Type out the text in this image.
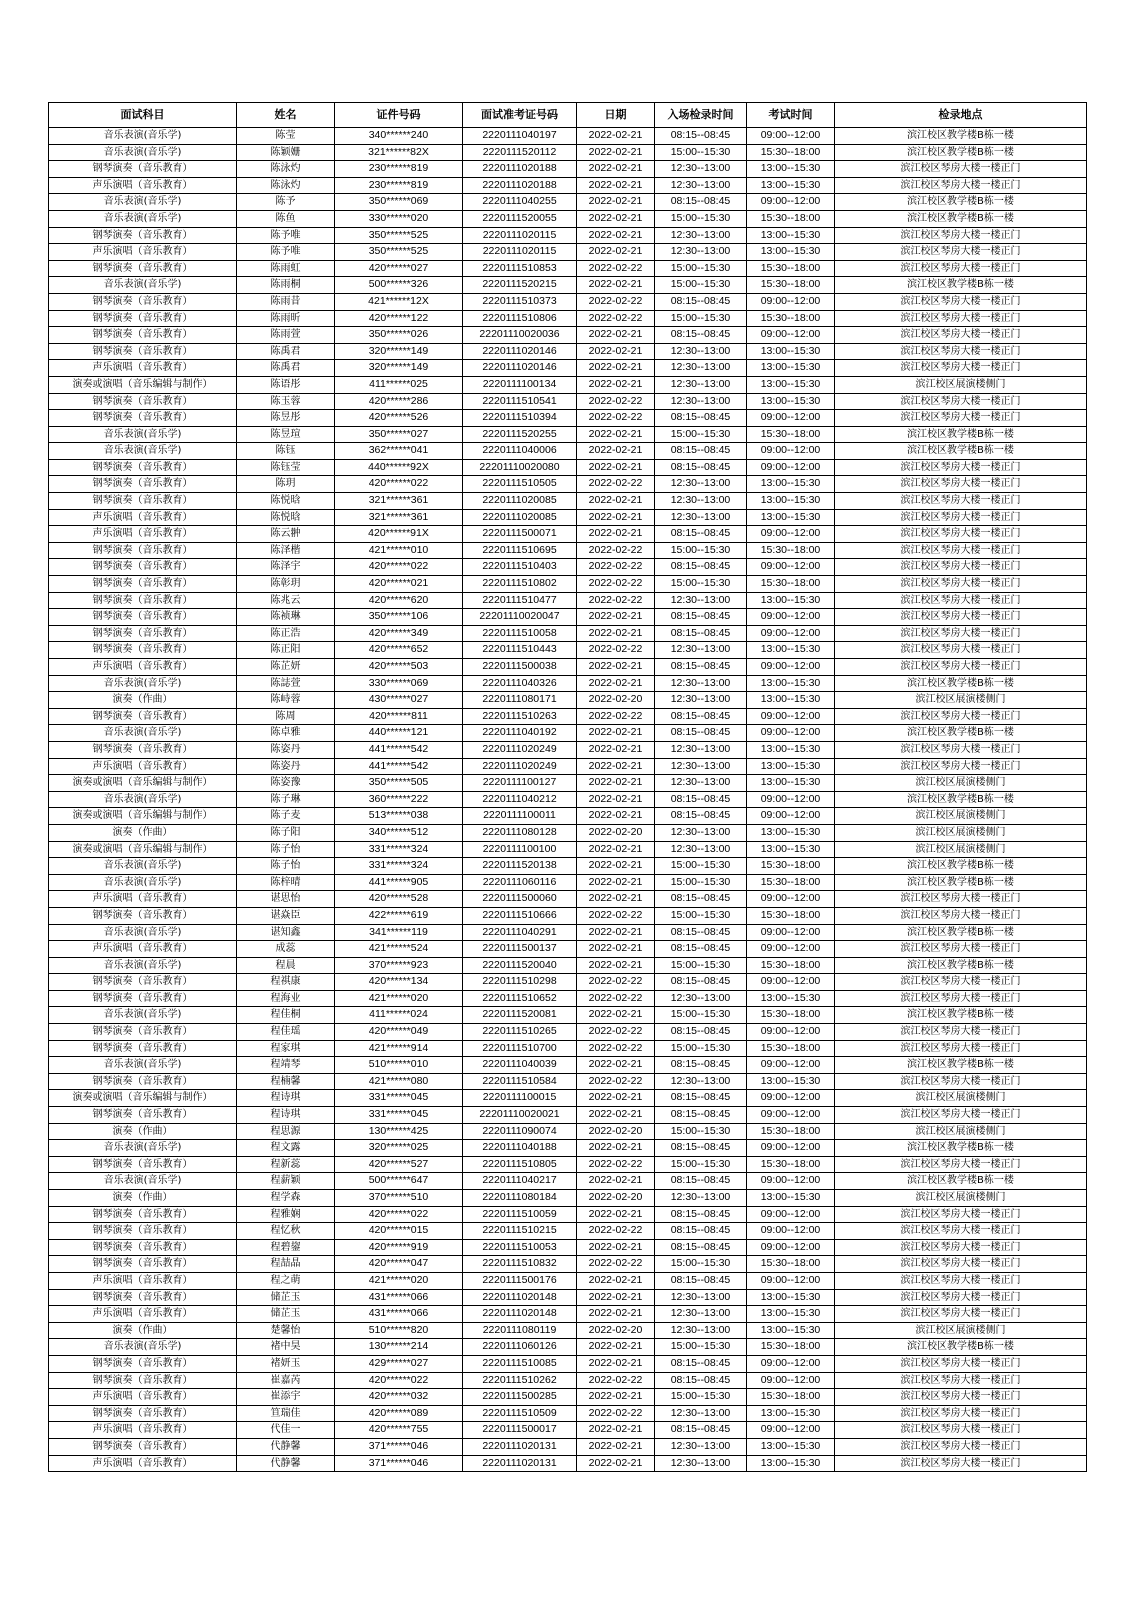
面试科目	姓名	证件号码	面试准考证号码	日期	入场检录时间	考试时间	检录地点
音乐表演(音乐学)	陈莹	340******240	2220111040197	2022-02-21	08:15--08:45	09:00--12:00	滨江校区教学楼B栋一楼
音乐表演(音乐学)	陈颖姗	321******82X	2220111520112	2022-02-21	15:00--15:30	15:30--18:00	滨江校区教学楼B栋一楼
钢琴演奏（音乐教育）	陈泳灼	230******819	2220111020188	2022-02-21	12:30--13:00	13:00--15:30	滨江校区琴房大楼一楼正门
声乐演唱（音乐教育）	陈泳灼	230******819	2220111020188	2022-02-21	12:30--13:00	13:00--15:30	滨江校区琴房大楼一楼正门
音乐表演(音乐学)	陈予	350******069	2220111040255	2022-02-21	08:15--08:45	09:00--12:00	滨江校区教学楼B栋一楼
音乐表演(音乐学)	陈鱼	330******020	2220111520055	2022-02-21	15:00--15:30	15:30--18:00	滨江校区教学楼B栋一楼
钢琴演奏（音乐教育）	陈予唯	350******525	2220111020115	2022-02-21	12:30--13:00	13:00--15:30	滨江校区琴房大楼一楼正门
声乐演唱（音乐教育）	陈予唯	350******525	2220111020115	2022-02-21	12:30--13:00	13:00--15:30	滨江校区琴房大楼一楼正门
钢琴演奏（音乐教育）	陈雨虹	420******027	2220111510853	2022-02-22	15:00--15:30	15:30--18:00	滨江校区琴房大楼一楼正门
音乐表演(音乐学)	陈雨桐	500******326	2220111520215	2022-02-21	15:00--15:30	15:30--18:00	滨江校区教学楼B栋一楼
钢琴演奏（音乐教育）	陈雨昔	421******12X	2220111510373	2022-02-22	08:15--08:45	09:00--12:00	滨江校区琴房大楼一楼正门
钢琴演奏（音乐教育）	陈雨昕	420******122	2220111510806	2022-02-22	15:00--15:30	15:30--18:00	滨江校区琴房大楼一楼正门
钢琴演奏（音乐教育）	陈雨萱	350******026	22201110020036	2022-02-21	08:15--08:45	09:00--12:00	滨江校区琴房大楼一楼正门
钢琴演奏（音乐教育）	陈禹君	320******149	2220111020146	2022-02-21	12:30--13:00	13:00--15:30	滨江校区琴房大楼一楼正门
声乐演唱（音乐教育）	陈禹君	320******149	2220111020146	2022-02-21	12:30--13:00	13:00--15:30	滨江校区琴房大楼一楼正门
演奏或演唱（音乐编辑与制作）	陈语彤	411******025	2220111100134	2022-02-21	12:30--13:00	13:00--15:30	滨江校区展演楼侧门
钢琴演奏（音乐教育）	陈玉蓉	420******286	2220111510541	2022-02-22	12:30--13:00	13:00--15:30	滨江校区琴房大楼一楼正门
钢琴演奏（音乐教育）	陈昱彤	420******526	2220111510394	2022-02-22	08:15--08:45	09:00--12:00	滨江校区琴房大楼一楼正门
音乐表演(音乐学)	陈昱瑄	350******027	2220111520255	2022-02-21	15:00--15:30	15:30--18:00	滨江校区教学楼B栋一楼
音乐表演(音乐学)	陈钰	362******041	2220111040006	2022-02-21	08:15--08:45	09:00--12:00	滨江校区教学楼B栋一楼
钢琴演奏（音乐教育）	陈钰莹	440******92X	22201110020080	2022-02-21	08:15--08:45	09:00--12:00	滨江校区琴房大楼一楼正门
钢琴演奏（音乐教育）	陈玥	420******022	2220111510505	2022-02-22	12:30--13:00	13:00--15:30	滨江校区琴房大楼一楼正门
钢琴演奏（音乐教育）	陈悦晗	321******361	2220111020085	2022-02-21	12:30--13:00	13:00--15:30	滨江校区琴房大楼一楼正门
声乐演唱（音乐教育）	陈悦晗	321******361	2220111020085	2022-02-21	12:30--13:00	13:00--15:30	滨江校区琴房大楼一楼正门
声乐演唱（音乐教育）	陈云翀	420******91X	2220111500071	2022-02-21	08:15--08:45	09:00--12:00	滨江校区琴房大楼一楼正门
钢琴演奏（音乐教育）	陈泽楷	421******010	2220111510695	2022-02-22	15:00--15:30	15:30--18:00	滨江校区琴房大楼一楼正门
钢琴演奏（音乐教育）	陈泽宇	420******022	2220111510403	2022-02-22	08:15--08:45	09:00--12:00	滨江校区琴房大楼一楼正门
钢琴演奏（音乐教育）	陈彰玥	420******021	2220111510802	2022-02-22	15:00--15:30	15:30--18:00	滨江校区琴房大楼一楼正门
钢琴演奏（音乐教育）	陈兆云	420******620	2220111510477	2022-02-22	12:30--13:00	13:00--15:30	滨江校区琴房大楼一楼正门
钢琴演奏（音乐教育）	陈祯琳	350******106	22201110020047	2022-02-21	08:15--08:45	09:00--12:00	滨江校区琴房大楼一楼正门
钢琴演奏（音乐教育）	陈正浩	420******349	2220111510058	2022-02-21	08:15--08:45	09:00--12:00	滨江校区琴房大楼一楼正门
钢琴演奏（音乐教育）	陈正阳	420******652	2220111510443	2022-02-22	12:30--13:00	13:00--15:30	滨江校区琴房大楼一楼正门
声乐演唱（音乐教育）	陈芷妍	420******503	2220111500038	2022-02-21	08:15--08:45	09:00--12:00	滨江校区琴房大楼一楼正门
音乐表演(音乐学)	陈誌萱	330******069	2220111040326	2022-02-21	12:30--13:00	13:00--15:30	滨江校区教学楼B栋一楼
演奏（作曲）	陈峙蓉	430******027	2220111080171	2022-02-20	12:30--13:00	13:00--15:30	滨江校区展演楼侧门
钢琴演奏（音乐教育）	陈周	420******811	2220111510263	2022-02-22	08:15--08:45	09:00--12:00	滨江校区琴房大楼一楼正门
音乐表演(音乐学)	陈卓雅	440******121	2220111040192	2022-02-21	08:15--08:45	09:00--12:00	滨江校区教学楼B栋一楼
钢琴演奏（音乐教育）	陈姿丹	441******542	2220111020249	2022-02-21	12:30--13:00	13:00--15:30	滨江校区琴房大楼一楼正门
声乐演唱（音乐教育）	陈姿丹	441******542	2220111020249	2022-02-21	12:30--13:00	13:00--15:30	滨江校区琴房大楼一楼正门
演奏或演唱（音乐编辑与制作）	陈姿豫	350******505	2220111100127	2022-02-21	12:30--13:00	13:00--15:30	滨江校区展演楼侧门
音乐表演(音乐学)	陈子琳	360******222	2220111040212	2022-02-21	08:15--08:45	09:00--12:00	滨江校区教学楼B栋一楼
演奏或演唱（音乐编辑与制作）	陈子麦	513******038	2220111100011	2022-02-21	08:15--08:45	09:00--12:00	滨江校区展演楼侧门
演奏（作曲）	陈子阳	340******512	2220111080128	2022-02-20	12:30--13:00	13:00--15:30	滨江校区展演楼侧门
演奏或演唱（音乐编辑与制作）	陈子怡	331******324	2220111100100	2022-02-21	12:30--13:00	13:00--15:30	滨江校区展演楼侧门
音乐表演(音乐学)	陈子怡	331******324	2220111520138	2022-02-21	15:00--15:30	15:30--18:00	滨江校区教学楼B栋一楼
音乐表演(音乐学)	陈梓晴	441******905	2220111060116	2022-02-21	15:00--15:30	15:30--18:00	滨江校区教学楼B栋一楼
声乐演唱（音乐教育）	谌思怡	420******528	2220111500060	2022-02-21	08:15--08:45	09:00--12:00	滨江校区琴房大楼一楼正门
钢琴演奏（音乐教育）	谌焱臣	422******619	2220111510666	2022-02-22	15:00--15:30	15:30--18:00	滨江校区琴房大楼一楼正门
音乐表演(音乐学)	谌知鑫	341******119	2220111040291	2022-02-21	08:15--08:45	09:00--12:00	滨江校区教学楼B栋一楼
声乐演唱（音乐教育）	成蕊	421******524	2220111500137	2022-02-21	08:15--08:45	09:00--12:00	滨江校区琴房大楼一楼正门
音乐表演(音乐学)	程晨	370******923	2220111520040	2022-02-21	15:00--15:30	15:30--18:00	滨江校区教学楼B栋一楼
钢琴演奏（音乐教育）	程祺康	420******134	2220111510298	2022-02-22	08:15--08:45	09:00--12:00	滨江校区琴房大楼一楼正门
钢琴演奏（音乐教育）	程海业	421******020	2220111510652	2022-02-22	12:30--13:00	13:00--15:30	滨江校区琴房大楼一楼正门
音乐表演(音乐学)	程佳桐	411******024	2220111520081	2022-02-21	15:00--15:30	15:30--18:00	滨江校区教学楼B栋一楼
钢琴演奏（音乐教育）	程佳瑶	420******049	2220111510265	2022-02-22	08:15--08:45	09:00--12:00	滨江校区琴房大楼一楼正门
钢琴演奏（音乐教育）	程家琪	421******914	2220111510700	2022-02-22	15:00--15:30	15:30--18:00	滨江校区琴房大楼一楼正门
音乐表演(音乐学)	程靖琴	510******010	2220111040039	2022-02-21	08:15--08:45	09:00--12:00	滨江校区教学楼B栋一楼
钢琴演奏（音乐教育）	程楠馨	421******080	2220111510584	2022-02-22	12:30--13:00	13:00--15:30	滨江校区琴房大楼一楼正门
演奏或演唱（音乐编辑与制作）	程诗琪	331******045	2220111100015	2022-02-21	08:15--08:45	09:00--12:00	滨江校区展演楼侧门
钢琴演奏（音乐教育）	程诗琪	331******045	22201110020021	2022-02-21	08:15--08:45	09:00--12:00	滨江校区琴房大楼一楼正门
演奏（作曲）	程思源	130******425	2220111090074	2022-02-20	15:00--15:30	15:30--18:00	滨江校区展演楼侧门
音乐表演(音乐学)	程文露	320******025	2220111040188	2022-02-21	08:15--08:45	09:00--12:00	滨江校区教学楼B栋一楼
钢琴演奏（音乐教育）	程新蕊	420******527	2220111510805	2022-02-22	15:00--15:30	15:30--18:00	滨江校区琴房大楼一楼正门
音乐表演(音乐学)	程薪颖	500******647	2220111040217	2022-02-21	08:15--08:45	09:00--12:00	滨江校区教学楼B栋一楼
演奏（作曲）	程学森	370******510	2220111080184	2022-02-20	12:30--13:00	13:00--15:30	滨江校区展演楼侧门
钢琴演奏（音乐教育）	程雅娴	420******022	2220111510059	2022-02-21	08:15--08:45	09:00--12:00	滨江校区琴房大楼一楼正门
钢琴演奏（音乐教育）	程忆秋	420******015	2220111510215	2022-02-22	08:15--08:45	09:00--12:00	滨江校区琴房大楼一楼正门
钢琴演奏（音乐教育）	程碧鋆	420******919	2220111510053	2022-02-21	08:15--08:45	09:00--12:00	滨江校区琴房大楼一楼正门
钢琴演奏（音乐教育）	程喆晶	420******047	2220111510832	2022-02-22	15:00--15:30	15:30--18:00	滨江校区琴房大楼一楼正门
声乐演唱（音乐教育）	程之萌	421******020	2220111500176	2022-02-21	08:15--08:45	09:00--12:00	滨江校区琴房大楼一楼正门
钢琴演奏（音乐教育）	储芷玉	431******066	2220111020148	2022-02-21	12:30--13:00	13:00--15:30	滨江校区琴房大楼一楼正门
声乐演唱（音乐教育）	储芷玉	431******066	2220111020148	2022-02-21	12:30--13:00	13:00--15:30	滨江校区琴房大楼一楼正门
演奏（作曲）	楚馨怡	510******820	2220111080119	2022-02-20	12:30--13:00	13:00--15:30	滨江校区展演楼侧门
音乐表演(音乐学)	褚中昊	130******214	2220111060126	2022-02-21	15:00--15:30	15:30--18:00	滨江校区教学楼B栋一楼
钢琴演奏（音乐教育）	褚妍玉	429******027	2220111510085	2022-02-21	08:15--08:45	09:00--12:00	滨江校区琴房大楼一楼正门
钢琴演奏（音乐教育）	崔嘉芮	420******022	2220111510262	2022-02-22	08:15--08:45	09:00--12:00	滨江校区琴房大楼一楼正门
声乐演唱（音乐教育）	崔添宇	420******032	2220111500285	2022-02-21	15:00--15:30	15:30--18:00	滨江校区琴房大楼一楼正门
钢琴演奏（音乐教育）	笪瑞佳	420******089	2220111510509	2022-02-22	12:30--13:00	13:00--15:30	滨江校区琴房大楼一楼正门
声乐演唱（音乐教育）	代佳一	420******755	2220111500017	2022-02-21	08:15--08:45	09:00--12:00	滨江校区琴房大楼一楼正门
钢琴演奏（音乐教育）	代静馨	371******046	2220111020131	2022-02-21	12:30--13:00	13:00--15:30	滨江校区琴房大楼一楼正门
声乐演唱（音乐教育）	代静馨	371******046	2220111020131	2022-02-21	12:30--13:00	13:00--15:30	滨江校区琴房大楼一楼正门
